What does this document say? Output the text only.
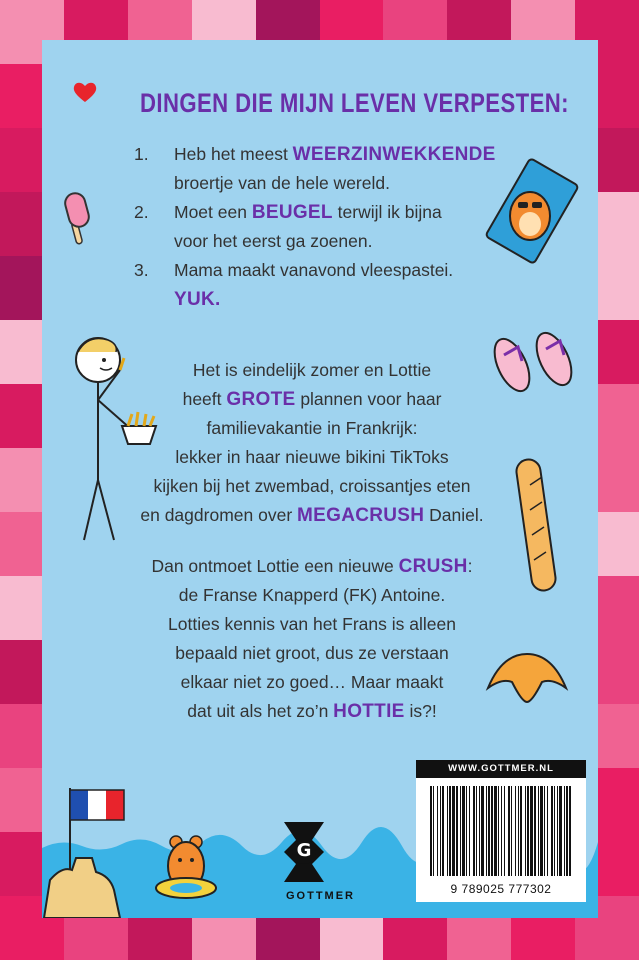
DINGEN DIE MIJN LEVEN VERPESTEN:
1. Heb het meest WEERZINWEKKENDE
broertje van de hele wereld.
2. Moet een BEUGEL terwijl ik bijna
voor het eerst ga zoenen.
3. Mama maakt vanavond vleespastei.
YUK.
Het is eindelijk zomer en Lottie
heeft GROTE plannen voor haar
familievakantie in Frankrijk:
lekker in haar nieuwe bikini TikToks
kijken bij het zwembad, croissantjes eten
en dagdromen over MEGACRUSH Daniel.
Dan ontmoet Lottie een nieuwe CRUSH:
de Franse Knapperd (FK) Antoine.
Lotties kennis van het Frans is alleen
bepaald niet groot, dus ze verstaan
elkaar niet zo goed… Maar maakt
dat uit als het zo’n HOTTIE is?!
G
GOTTMER
WWW.GOTTMER.NL
9 789025 777302
